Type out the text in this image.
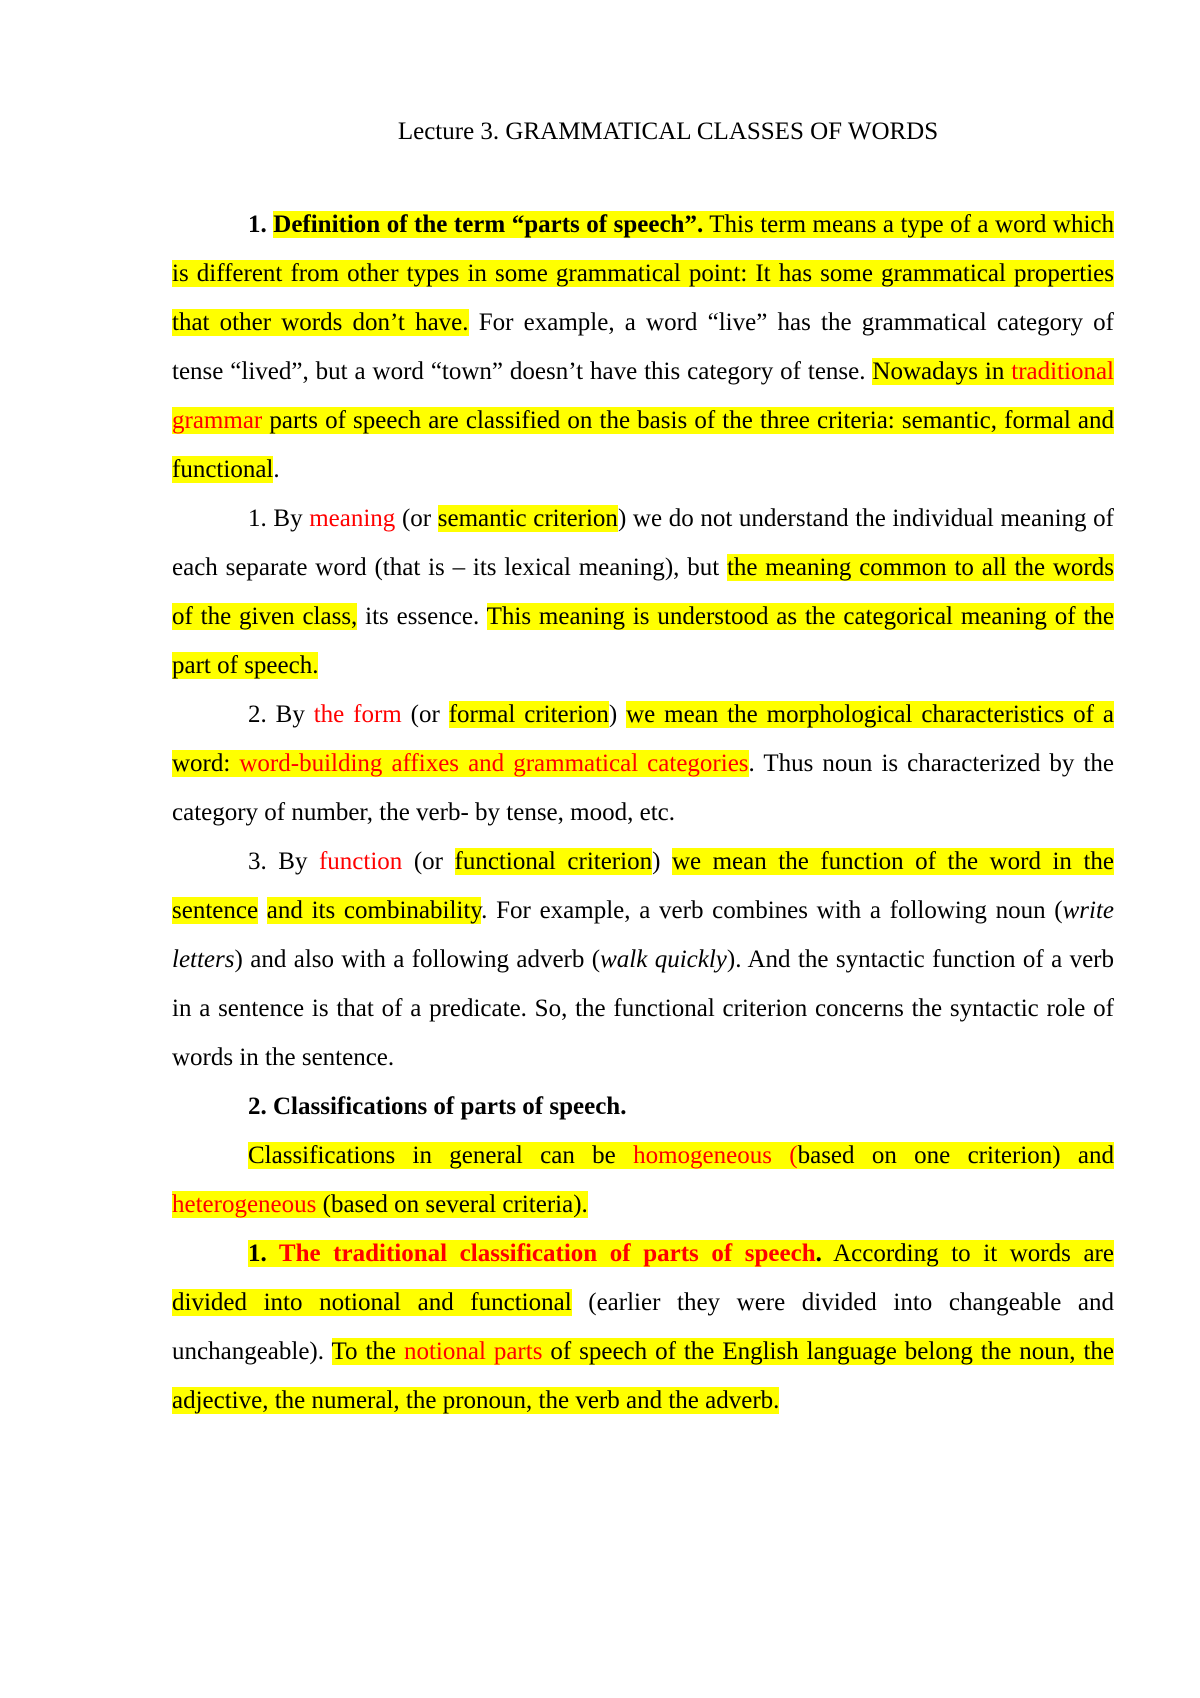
Lecture 3. GRAMMATICAL CLASSES OF WORDS

1. Definition of the term “parts of speech”. This term means a type of a word which is different from other types in some grammatical point: It has some grammatical properties that other words don’t have. For example, a word “live” has the grammatical category of tense “lived”, but a word “town” doesn’t have this category of tense. Nowadays in traditional grammar parts of speech are classified on the basis of the three criteria: semantic, formal and functional.

1. By meaning (or semantic criterion) we do not understand the individual meaning of each separate word (that is – its lexical meaning), but the meaning common to all the words of the given class, its essence. This meaning is understood as the categorical meaning of the part of speech.

2. By the form (or formal criterion) we mean the morphological characteristics of a word: word-building affixes and grammatical categories. Thus noun is characterized by the category of number, the verb- by tense, mood, etc.

3. By function (or functional criterion) we mean the function of the word in the sentence and its combinability. For example, a verb combines with a following noun (write letters) and also with a following adverb (walk quickly). And the syntactic function of a verb in a sentence is that of a predicate. So, the functional criterion concerns the syntactic role of words in the sentence.

2. Classifications of parts of speech.

Classifications in general can be homogeneous (based on one criterion) and heterogeneous (based on several criteria).

1. The traditional classification of parts of speech. According to it words are divided into notional and functional (earlier they were divided into changeable and unchangeable). To the notional parts of speech of the English language belong the noun, the adjective, the numeral, the pronoun, the verb and the adverb.
